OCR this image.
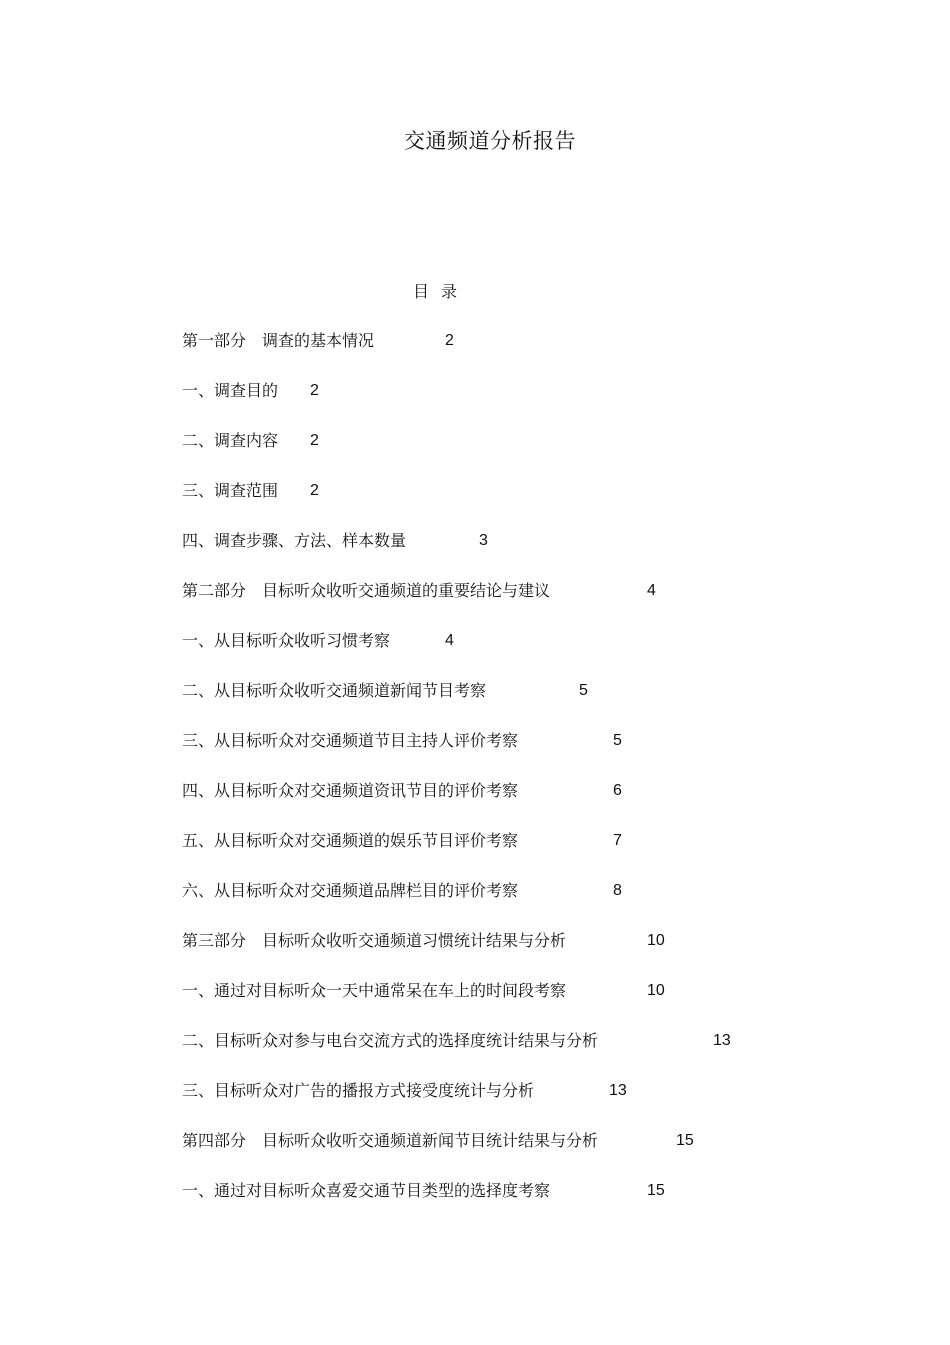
交通频道分析报告
目 录
第一部分　调查的基本情况	2
一、调查目的 2
二、调查内容 2
三、调查范围 2
四、调查步骤、方法、样本数量	3
第二部分　目标听众收听交通频道的重要结论与建议	4
一、从目标听众收听习惯考察	4
二、从目标听众收听交通频道新闻节目考察	5
三、从目标听众对交通频道节目主持人评价考察	5
四、从目标听众对交通频道资讯节目的评价考察	6
五、从目标听众对交通频道的娱乐节目评价考察	7
六、从目标听众对交通频道品牌栏目的评价考察	8
第三部分　目标听众收听交通频道习惯统计结果与分析	10
一、通过对目标听众一天中通常呆在车上的时间段考察	10
二、目标听众对参与电台交流方式的选择度统计结果与分析	13
三、目标听众对广告的播报方式接受度统计与分析	13
第四部分　目标听众收听交通频道新闻节目统计结果与分析	15
一、通过对目标听众喜爱交通节目类型的选择度考察	15
